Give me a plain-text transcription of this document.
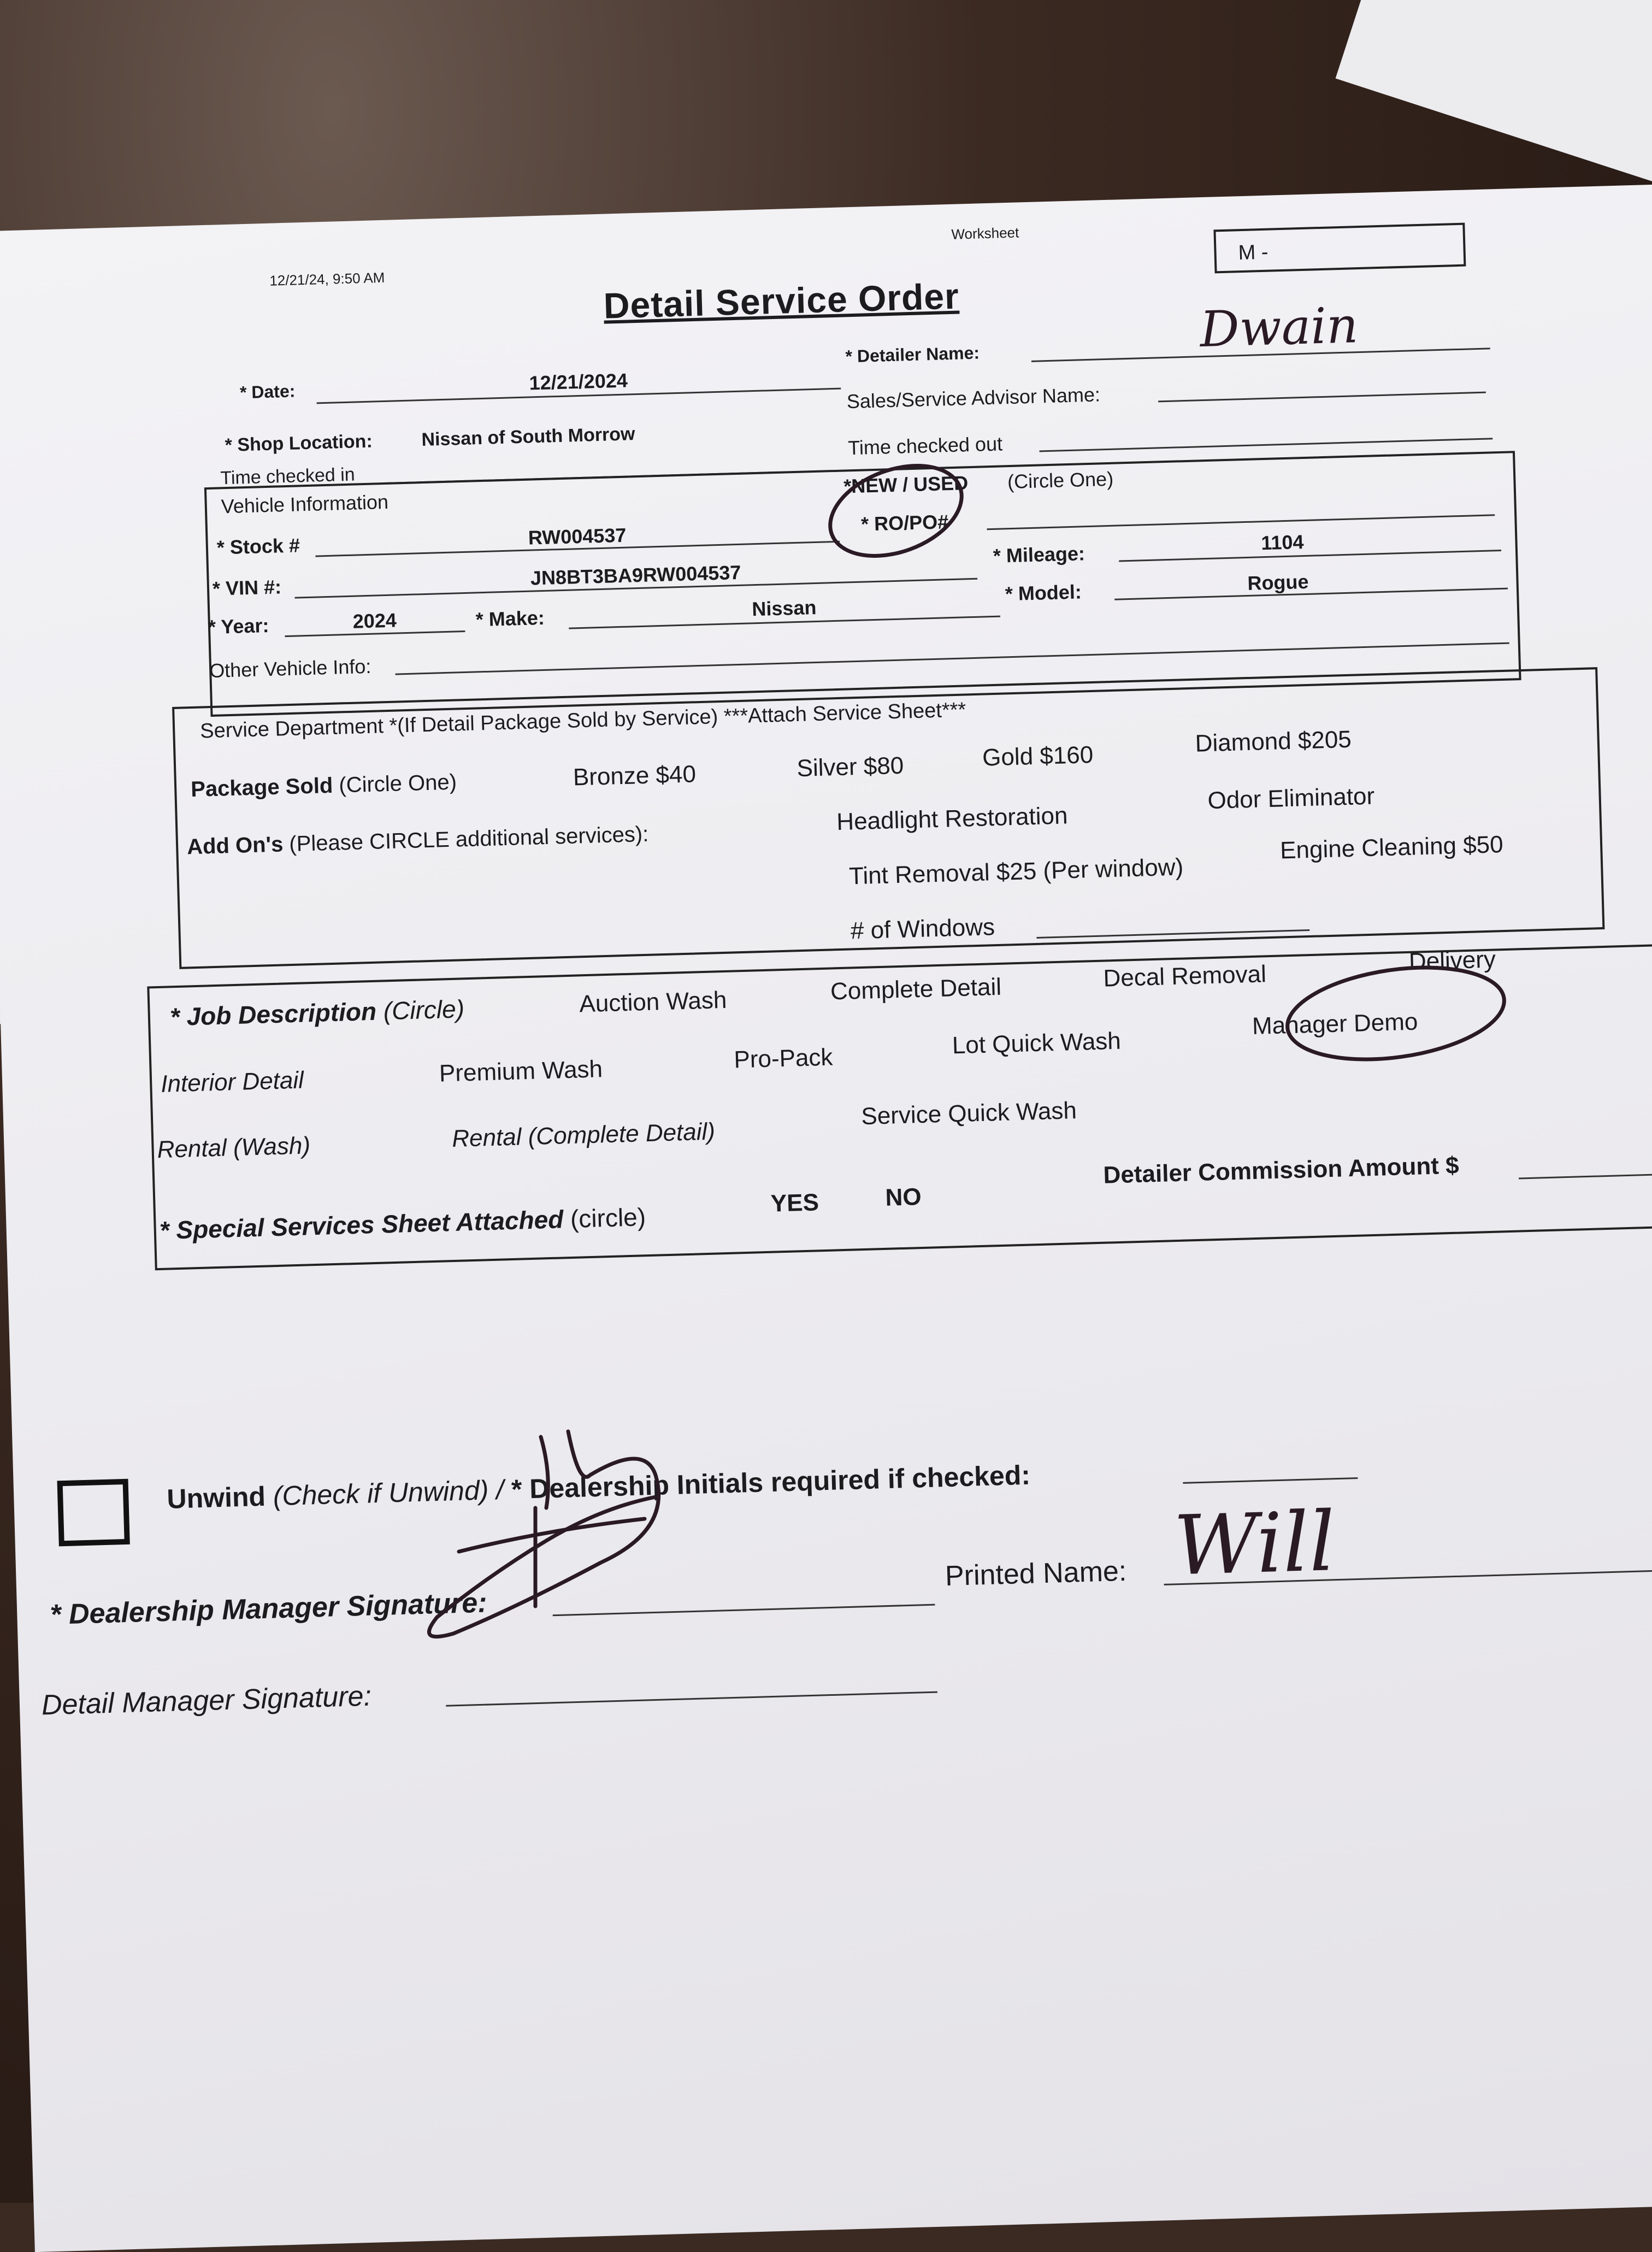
12/21/24, 9:50 AM
Worksheet
M -
Detail Service Order
* Date:	12/21/2024
* Detailer Name:	Dwain
Sales/Service Advisor Name:
* Shop Location:	Nissan of South Morrow
Time checked in
Time checked out
Vehicle Information
*NEW / USED (Circle One)
* Stock #	RW004537
* RO/PO#
* VIN #:	JN8BT3BA9RW004537
* Mileage:	1104
* Year:	2024	* Make:	Nissan
* Model:	Rogue
Other Vehicle Info:
Service Department *(If Detail Package Sold by Service) ***Attach Service Sheet***
Package Sold (Circle One)	Bronze $40	Silver $80	Gold $160	Diamond $205
Add On's (Please CIRCLE additional services):
Headlight Restoration
Odor Eliminator
Tint Removal $25 (Per window)
Engine Cleaning $50
# of Windows
* Job Description (Circle)	Auction Wash	Complete Detail	Decal Removal
Delivery
Interior Detail	Premium Wash	Pro-Pack	Lot Quick Wash
Manager Demo
Rental (Wash)	Rental (Complete Detail)
Service Quick Wash
* Special Services Sheet Attached (circle)	YES	NO
Detailer Commission Amount $
Unwind (Check if Unwind) / * Dealership Initials required if checked:
* Dealership Manager Signature:
Printed Name: Will
Detail Manager Signature:
